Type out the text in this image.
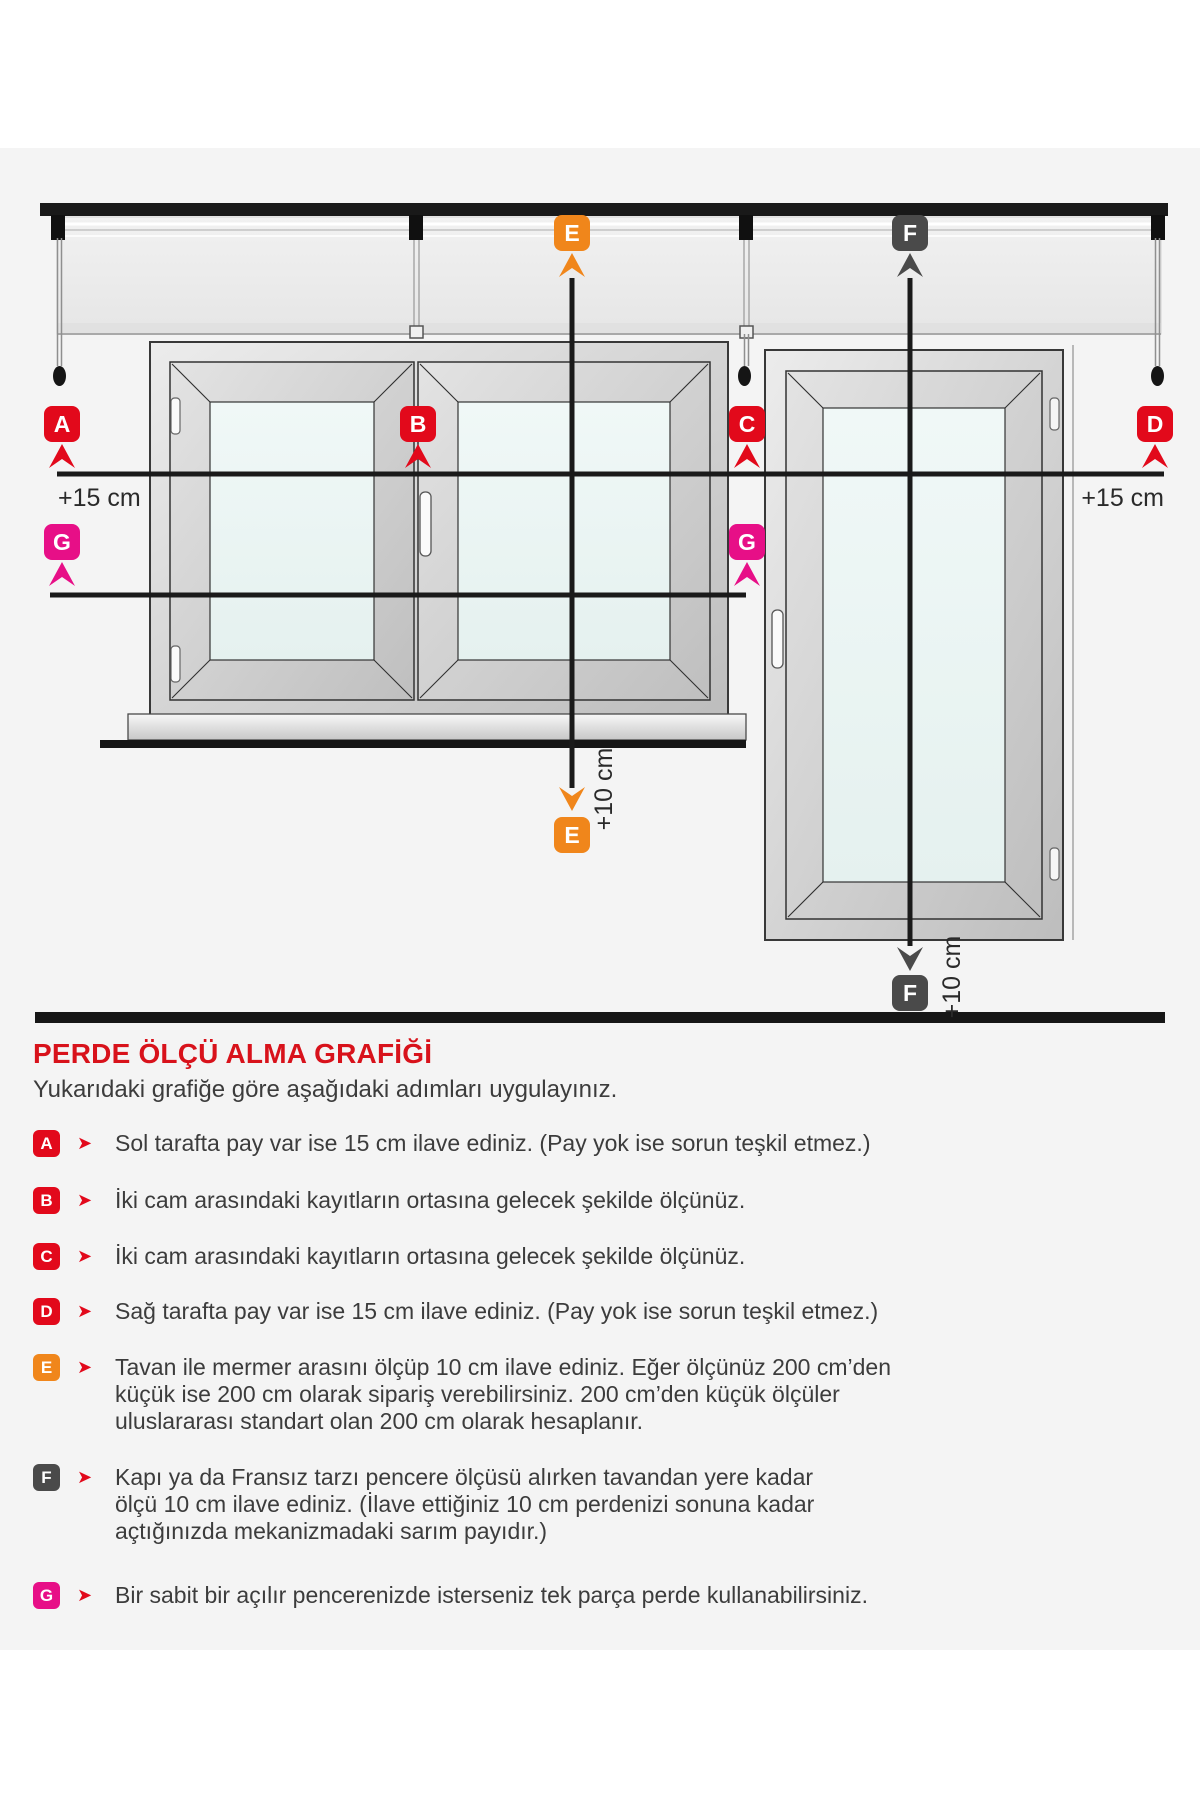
A	B	C	D
G	G
E
E
F
F
+15 cm	+15 cm
+10 cm
+10 cm
PERDE ÖLÇÜ ALMA GRAFİĞİ
Yukarıdaki grafiğe göre aşağıdaki adımları uygulayınız.
A	➤ Sol tarafta pay var ise 15 cm ilave ediniz. (Pay yok ise sorun teşkil etmez.)
B	➤ İki cam arasındaki kayıtların ortasına gelecek şekilde ölçünüz.
C	➤ İki cam arasındaki kayıtların ortasına gelecek şekilde ölçünüz.
D	➤ Sağ tarafta pay var ise 15 cm ilave ediniz. (Pay yok ise sorun teşkil etmez.)
E	➤ Tavan ile mermer arasını ölçüp 10 cm ilave ediniz. Eğer ölçünüz 200 cm’den
küçük ise 200 cm olarak sipariş verebilirsiniz. 200 cm’den küçük ölçüler
uluslararası standart olan 200 cm olarak hesaplanır.
F	➤ Kapı ya da Fransız tarzı pencere ölçüsü alırken tavandan yere kadar
ölçü 10 cm ilave ediniz. (İlave ettiğiniz 10 cm perdenizi sonuna kadar
açtığınızda mekanizmadaki sarım payıdır.)
G	➤ Bir sabit bir açılır pencerenizde isterseniz tek parça perde kullanabilirsiniz.
